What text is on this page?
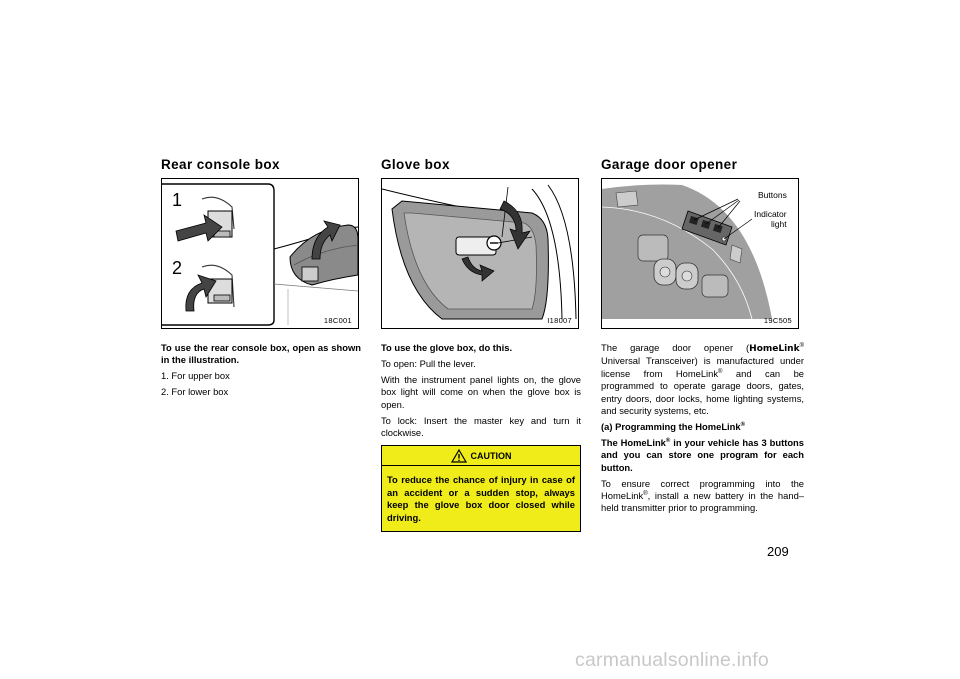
Rear console box
1
2
18C001

To use the rear console box, open as shown in the illustration.

1. For upper box

2. For lower box

Glove box
I18007

To use the glove box, do this.

To open: Pull the lever.

With the instrument panel lights on, the glove box light will come on when the glove box is open.

To lock: Insert the master key and turn it clockwise.

CAUTION
To reduce the chance of injury in case of an accident or a sudden stop, always keep the glove box door closed while driving.
Garage door opener
Buttons
Indicator
light
19C505

The garage door opener (HomeLink® Universal Transceiver) is manufactured under license from HomeLink® and can be programmed to operate garage doors, gates, entry doors, door locks, home lighting systems, and security systems, etc.

(a) Programming the HomeLink®

The HomeLink® in your vehicle has 3 buttons and you can store one program for each button.

To ensure correct programming into the HomeLink®, install a new battery in the hand–held transmitter prior to programming.

209
carmanualsonline.info
